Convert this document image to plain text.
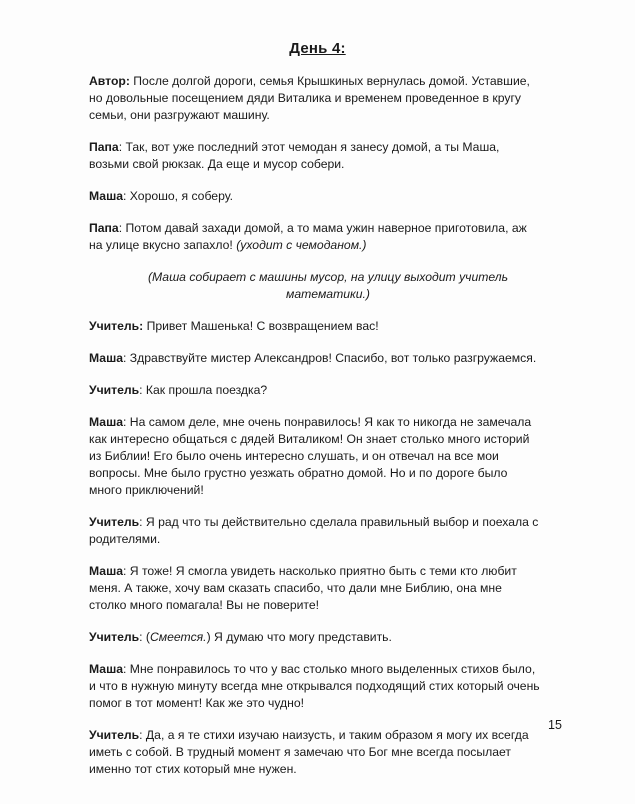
День 4:

Автор: После долгой дороги, семья Крышкиных вернулась домой. Уставшие, но довольные посещением дяди Виталика и временем проведенное в кругу семьи, они разгружают машину.

Папа: Так, вот уже последний этот чемодан я занесу домой, а ты Маша, возьми свой рюкзак. Да еще и мусор собери.

Маша: Хорошо, я соберу.

Папа: Потом давай захади домой, а то мама ужин наверное приготовила, аж на улице вкусно запахло! (уходит с чемоданом.)

(Маша собирает с машины мусор, на улицу выходит учитель математики.)

Учитель: Привет Машенька! С возвращением вас!

Маша: Здравствуйте мистер Александров! Спасибо, вот только разгружаемся.

Учитель: Как прошла поездка?

Маша: На самом деле, мне очень понравилось! Я как то никогда не замечала как интересно общаться с дядей Виталиком! Он знает столько много историй из Библии! Его было очень интересно слушать, и он отвечал на все мои вопросы. Мне было грустно уезжать обратно домой. Но и по дороге было много приключений!

Учитель: Я рад что ты действительно сделала правильный выбор и поехала с родителями.

Маша: Я тоже! Я смогла увидеть насколько приятно быть с теми кто любит меня. А также, хочу вам сказать спасибо, что дали мне Библию, она мне столко много помагала! Вы не поверите!

Учитель: (Смеется.) Я думаю что могу представить.

Маша: Мне понравилось то что у вас столько много выделенных стихов было, и что в нужную минуту всегда мне открывался подходящий стих который очень помог в тот момент! Как же это чудно!

Учитель: Да, а я те стихи изучаю наизусть, и таким образом я могу их всегда иметь с собой. В трудный момент я замечаю что Бог мне всегда посылает именно тот стих который мне нужен.

15
